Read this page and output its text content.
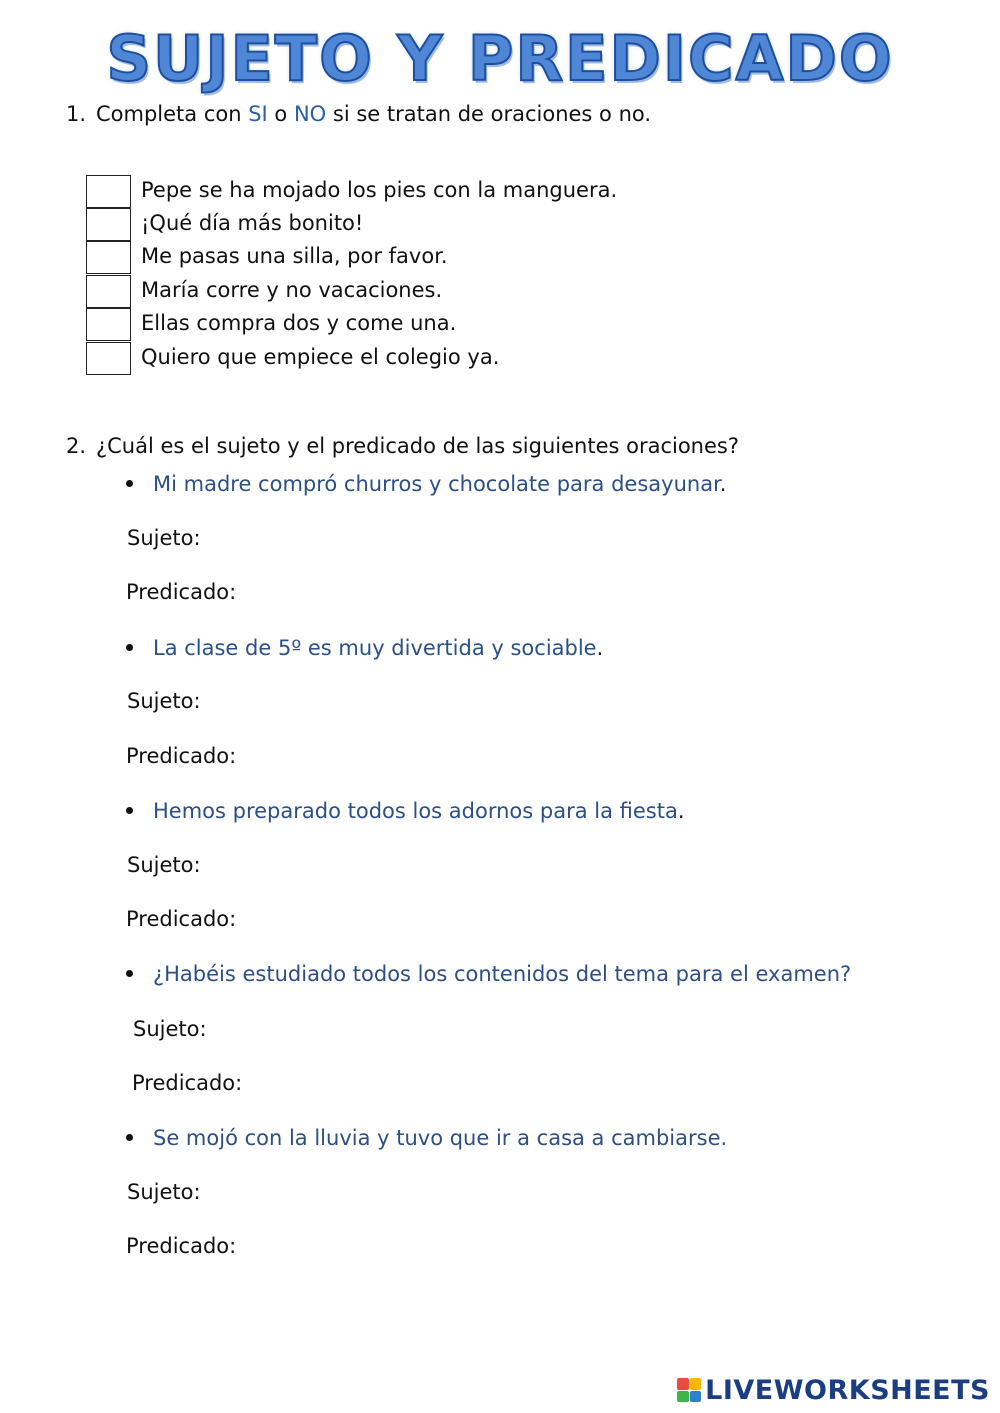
SUJETO Y PREDICADO
1. Completa con SI o NO si se tratan de oraciones o no.
Pepe se ha mojado los pies con la manguera.
¡Qué día más bonito!
Me pasas una silla, por favor.
María corre y no vacaciones.
Ellas compra dos y come una.
Quiero que empiece el colegio ya.
2. ¿Cuál es el sujeto y el predicado de las siguientes oraciones?
Mi madre compró churros y chocolate para desayunar.
Sujeto:
Predicado:
La clase de 5º es muy divertida y sociable.
Sujeto:
Predicado:
Hemos preparado todos los adornos para la fiesta.
Sujeto:
Predicado:
¿Habéis estudiado todos los contenidos del tema para el examen?
Sujeto:
Predicado:
Se mojó con la lluvia y tuvo que ir a casa a cambiarse.
Sujeto:
Predicado:
LIVEWORKSHEETS
